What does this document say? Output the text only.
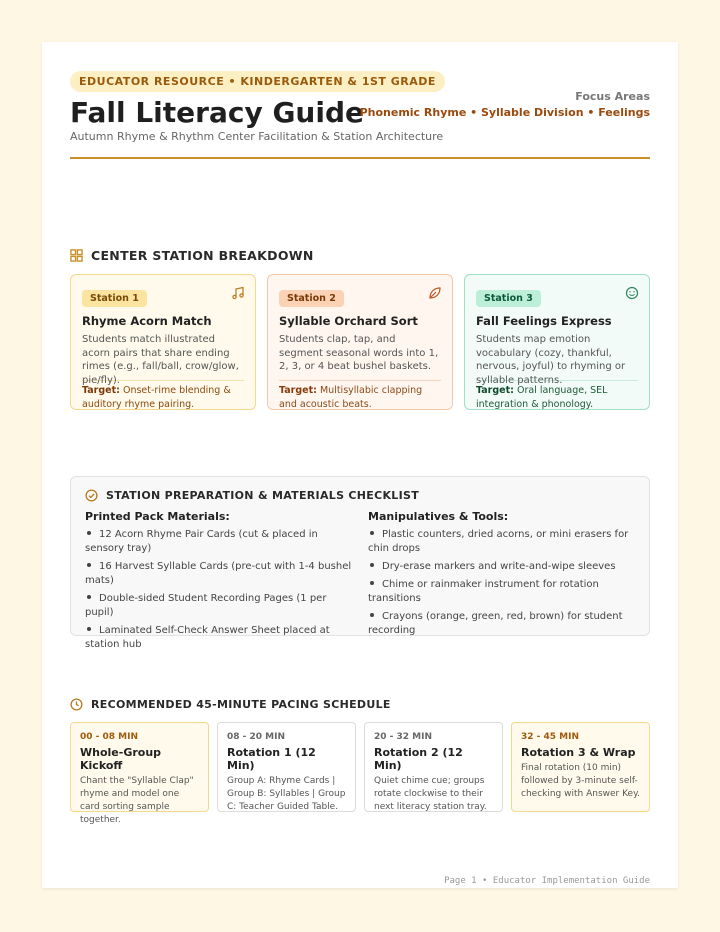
EDUCATOR RESOURCE • KINDERGARTEN & 1ST GRADE
Fall Literacy Guide
Autumn Rhyme & Rhythm Center Facilitation & Station Architecture
Focus Areas
Phonemic Rhyme • Syllable Division • Feelings
CENTER STATION BREAKDOWN
Station 1
Rhyme Acorn Match
Students match illustrated acorn pairs that share ending rimes (e.g., fall/ball, crow/glow, pie/fly).
Target: Onset-rime blending & auditory rhyme pairing.
Station 2
Syllable Orchard Sort
Students clap, tap, and segment seasonal words into 1, 2, 3, or 4 beat bushel baskets.
Target: Multisyllabic clapping and acoustic beats.
Station 3
Fall Feelings Express
Students map emotion vocabulary (cozy, thankful, nervous, joyful) to rhyming or syllable patterns.
Target: Oral language, SEL integration & phonology.
STATION PREPARATION & MATERIALS CHECKLIST
Printed Pack Materials:
12 Acorn Rhyme Pair Cards (cut & placed in sensory tray)
16 Harvest Syllable Cards (pre-cut with 1-4 bushel mats)
Double-sided Student Recording Pages (1 per pupil)
Laminated Self-Check Answer Sheet placed at station hub
Manipulatives & Tools:
Plastic counters, dried acorns, or mini erasers for chin drops
Dry-erase markers and write-and-wipe sleeves
Chime or rainmaker instrument for rotation transitions
Crayons (orange, green, red, brown) for student recording
RECOMMENDED 45-MINUTE PACING SCHEDULE
00 - 08 MIN
Whole-Group Kickoff
Chant the "Syllable Clap" rhyme and model one card sorting sample together.
08 - 20 MIN
Rotation 1 (12 Min)
Group A: Rhyme Cards | Group B: Syllables | Group C: Teacher Guided Table.
20 - 32 MIN
Rotation 2 (12 Min)
Quiet chime cue; groups rotate clockwise to their next literacy station tray.
32 - 45 MIN
Rotation 3 & Wrap
Final rotation (10 min) followed by 3-minute self-checking with Answer Key.
Page 1 • Educator Implementation Guide
